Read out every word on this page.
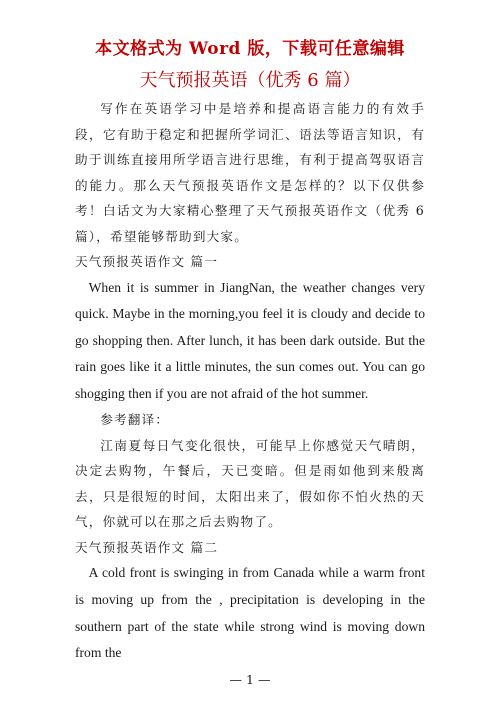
本文格式为 Word 版，下载可任意编辑
天气预报英语（优秀 6 篇）

写作在英语学习中是培养和提高语言能力的有效手段，它有助于稳定和把握所学词汇、语法等语言知识，有助于训练直接用所学语言进行思维，有利于提高驾驭语言的能力。那么天气预报英语作文是怎样的？以下仅供参考！白话文为大家精心整理了天气预报英语作文（优秀 6 篇），希望能够帮助到大家。

天气预报英语作文 篇一

When it is summer in JiangNan, the weather changes very quick. Maybe in the morning,you feel it is cloudy and decide to go shopping then. After lunch, it has been dark outside. But the rain goes like it a little minutes, the sun comes out. You can go shogging then if you are not afraid of the hot summer.

参考翻译：

江南夏每日气变化很快，可能早上你感觉天气晴朗，决定去购物，午餐后，天已变暗。但是雨如他到来般离去，只是很短的时间，太阳出来了，假如你不怕火热的天气，你就可以在那之后去购物了。

天气预报英语作文 篇二

A cold front is swinging in from Canada while a warm front is moving up from the , precipitation is developing in the southern part of the state while strong wind is moving down from the

— 1 —
